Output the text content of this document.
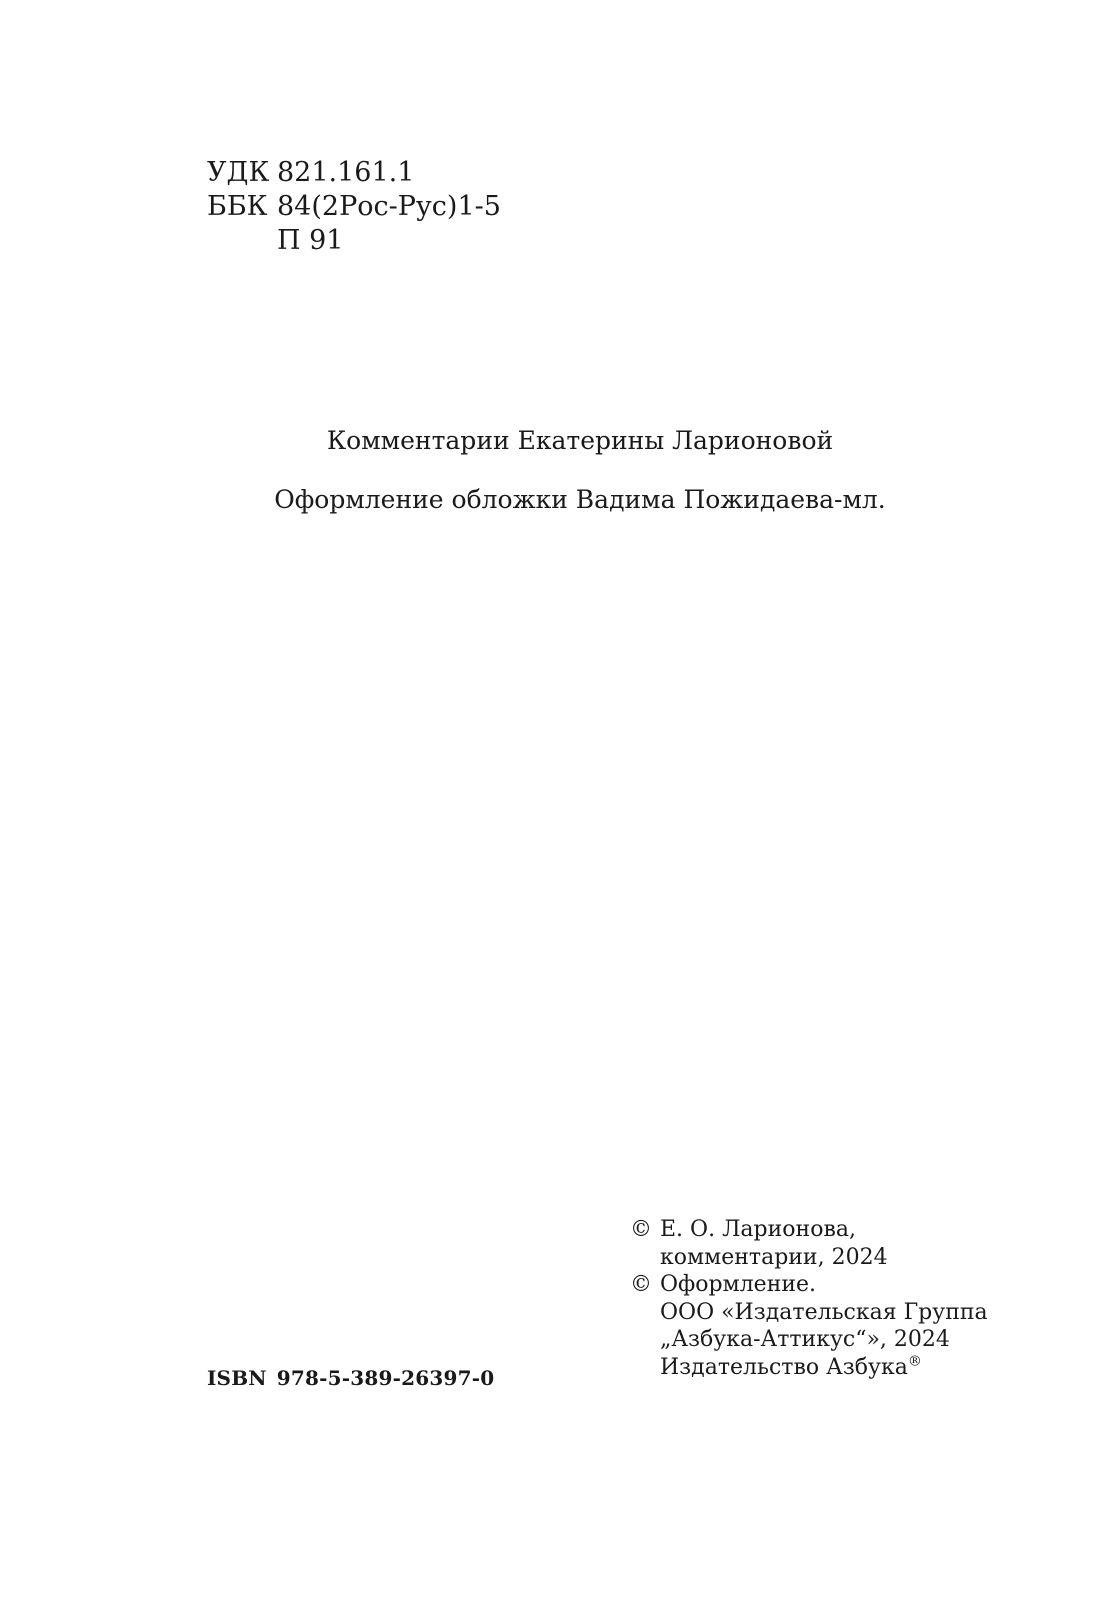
УДК 821.161.1
ББК 84(2Рос-Рус)1-5
П 91
Комментарии Екатерины Ларионовой
Оформление обложки Вадима Пожидаева-мл.
ISBN 978-5-389-26397-0
© Е. О. Ларионова,
комментарии, 2024
© Оформление.
ООО «Издательская Группа
„Азбука-Аттикус“», 2024
Издательство Азбука®
